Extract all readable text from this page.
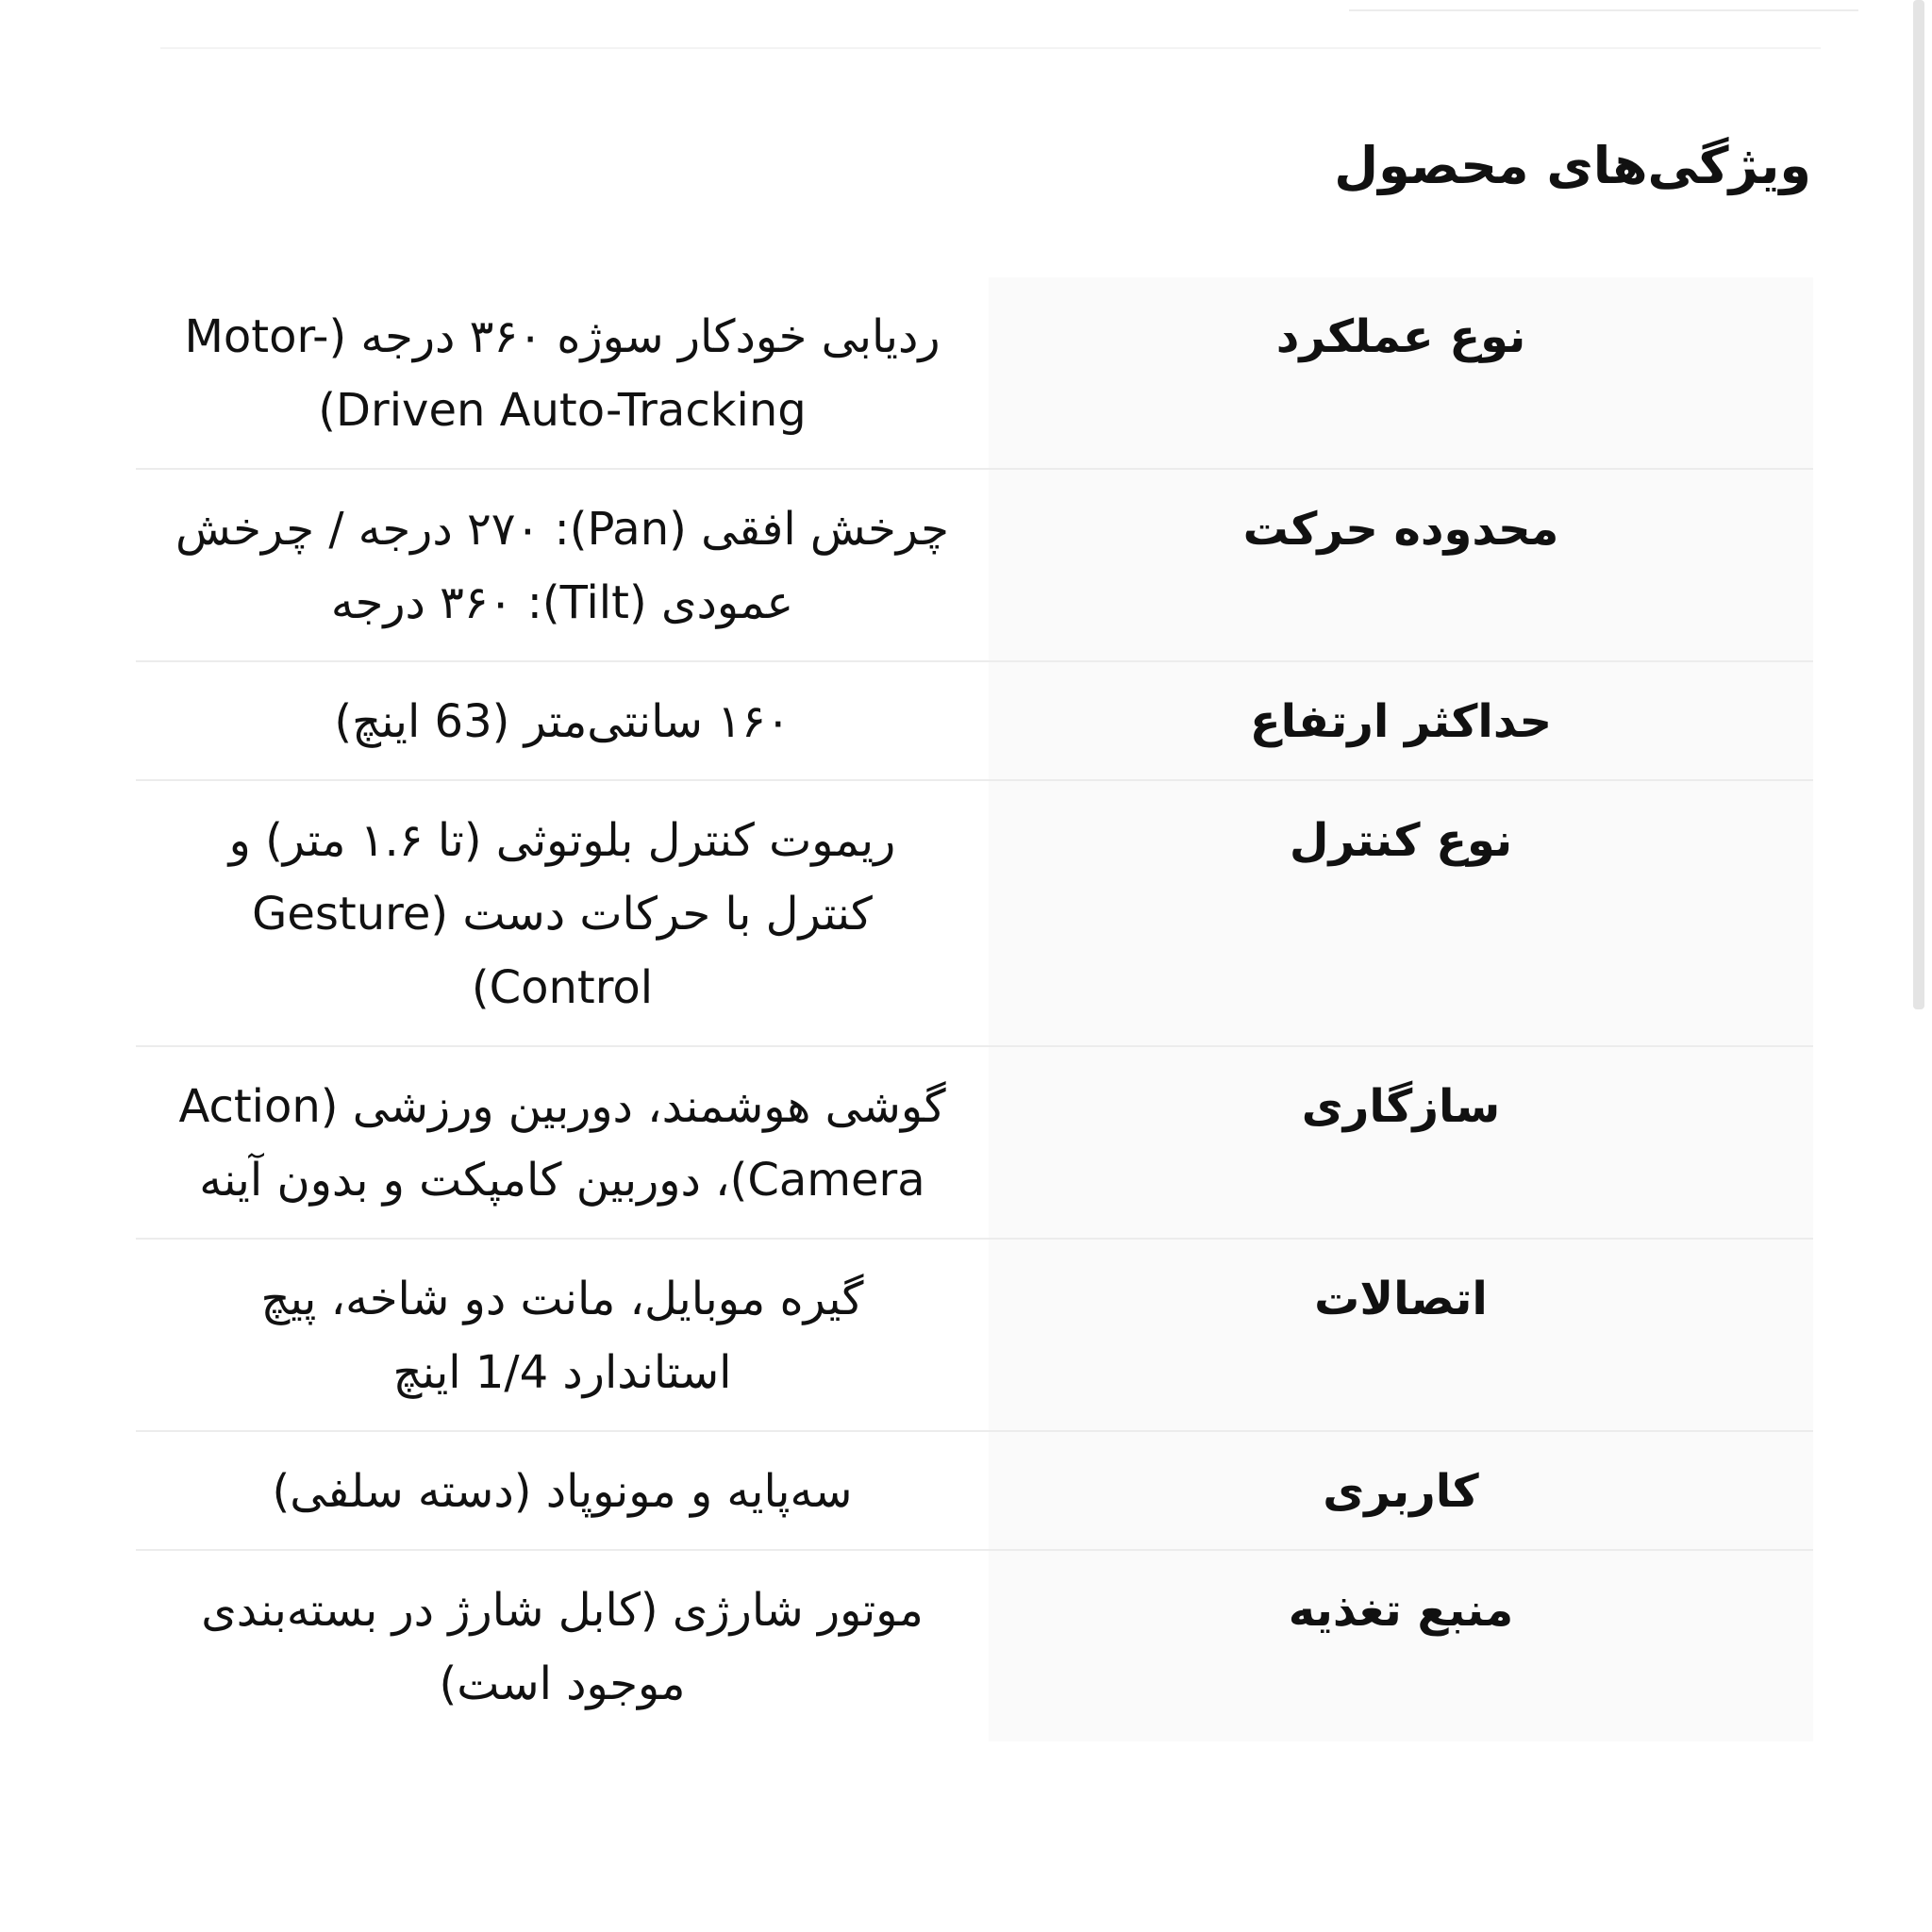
ویژگی‌های محصول
نوع عملکرد	ردیابی خودکار سوژه ۳۶۰ درجه (Motor-Driven Auto-Tracking)

محدوده حرکت	چرخش افقی (Pan): ۲۷۰ درجه / چرخش عمودی (Tilt): ۳۶۰ درجه

حداکثر ارتفاع	۱۶۰ سانتی‌متر (63 اینچ)

نوع کنترل	ریموت کنترل بلوتوثی (تا ۱.۶ متر) و کنترل با حرکات دست (Gesture Control)

سازگاری	گوشی هوشمند، دوربین ورزشی (Action Camera)، دوربین کامپکت و بدون آینه

اتصالات	گیره موبایل، مانت دو شاخه، پیچ استاندارد 1/4 اینچ

کاربری	سه‌پایه و مونوپاد (دسته سلفی)

منبع تغذیه	موتور شارژی (کابل شارژ در بسته‌بندی موجود است)
